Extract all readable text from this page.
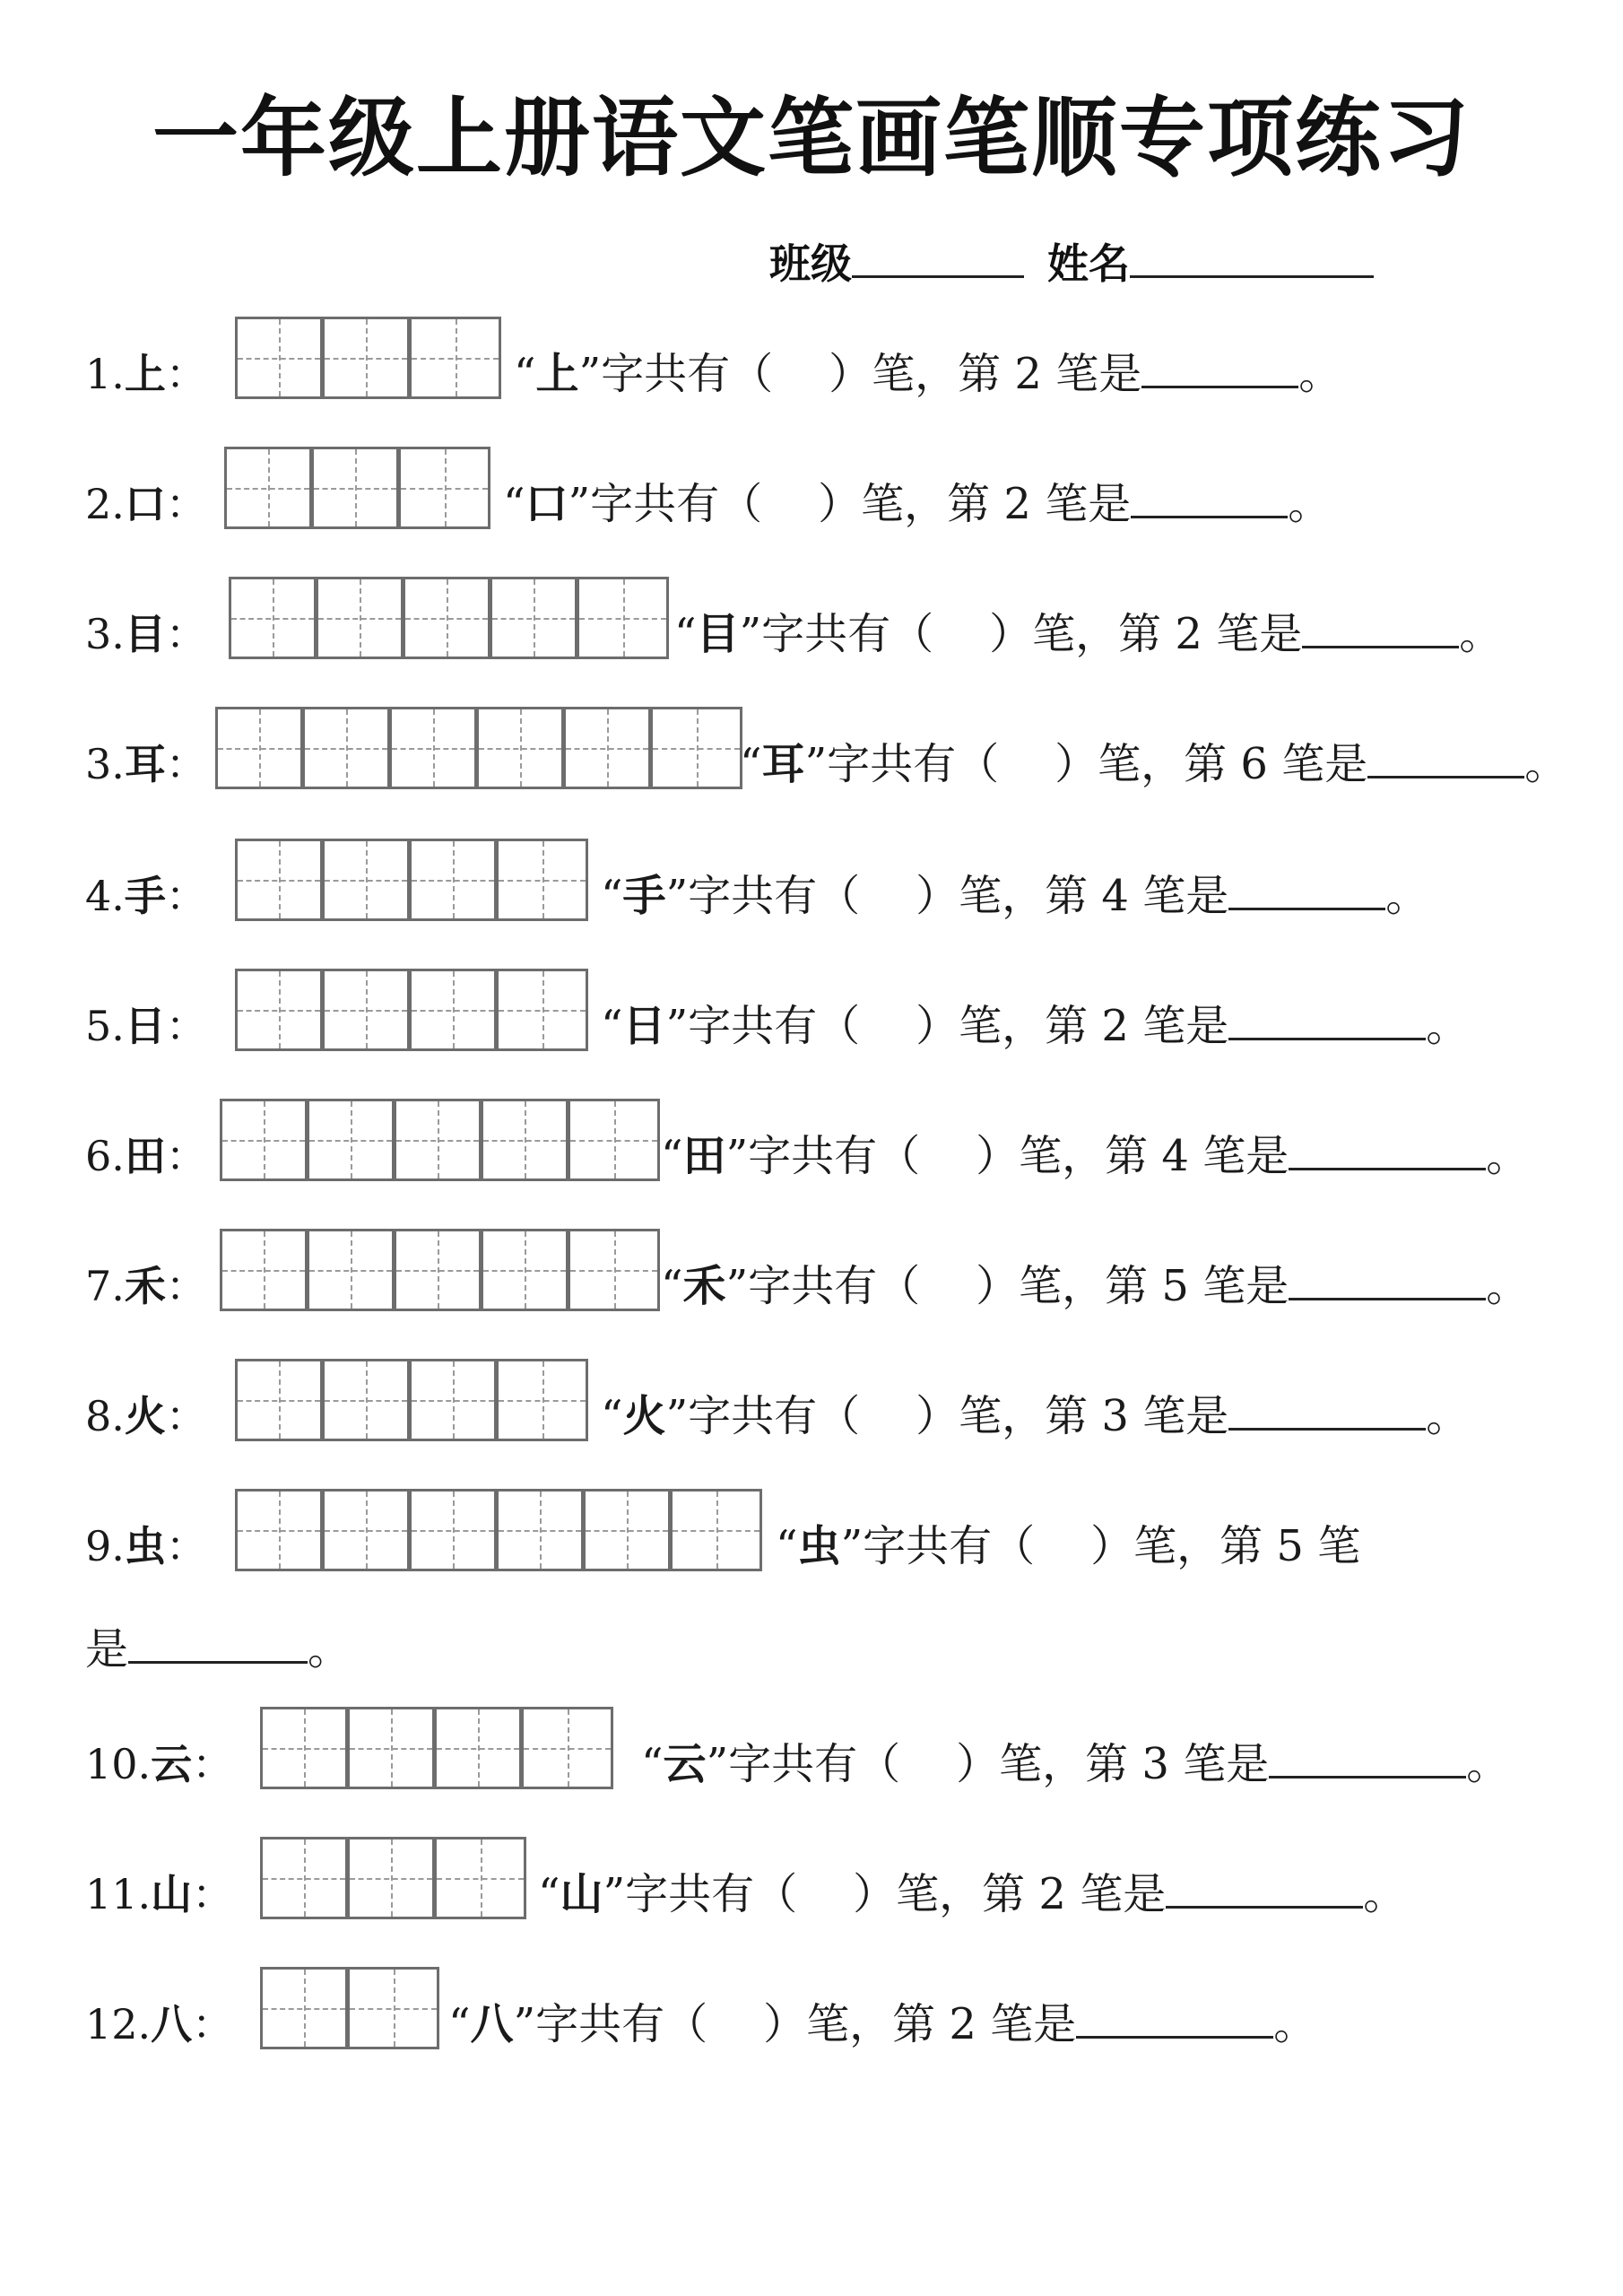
一年级上册语文笔画笔顺专项练习
班级	姓名
1.上：	“上”字共有（ ）笔，第 2 笔是	。
2.口：	“口”字共有（ ）笔，第 2 笔是	。
3.目：	“目”字共有（ ）笔，第 2 笔是	。
3.耳：	“耳”字共有（ ）笔，第 6 笔是	。
4.手：	“手”字共有（ ）笔，第 4 笔是	。
5.日：	“日”字共有（ ）笔，第 2 笔是	。
6.田：	“田”字共有（ ）笔，第 4 笔是	。
7.禾：	“禾”字共有（ ）笔，第 5 笔是	。
8.火：	“火”字共有（ ）笔，第 3 笔是	。
9.虫：	“虫”字共有（ ）笔，第 5 笔
是	。
10.云：	“云”字共有（ ）笔，第 3 笔是	。
11.山：	“山”字共有（ ）笔，第 2 笔是	。
12.八：	“八”字共有（ ）笔，第 2 笔是	。
